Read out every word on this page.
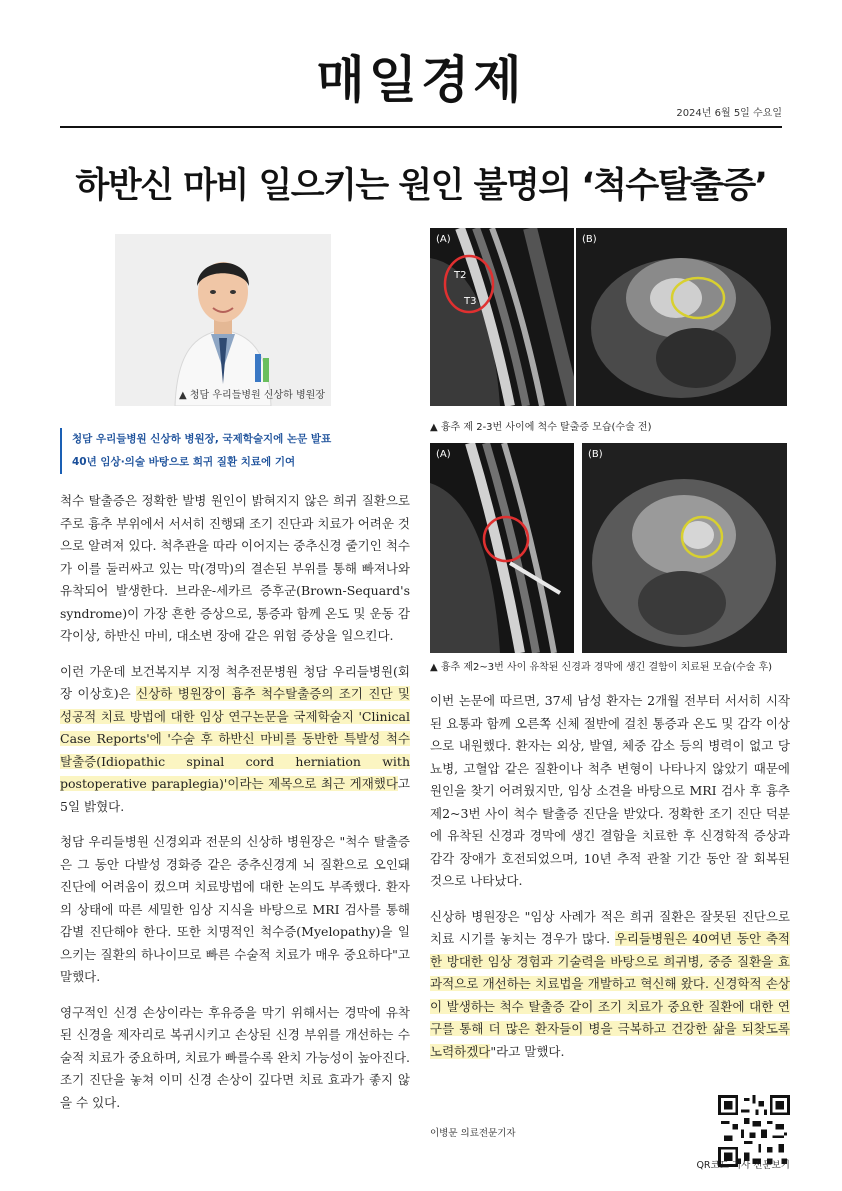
매일경제
2024년 6월 5일 수요일
하반신 마비 일으키는 원인 불명의 ‘척수탈출증’
▲ 청담 우리들병원 신상하 병원장
청담 우리들병원 신상하 병원장, 국제학술지에 논문 발표
40년 임상·의술 바탕으로 희귀 질환 치료에 기여

척수 탈출증은 정확한 발병 원인이 밝혀지지 않은 희귀 질환으로 주로 흉추 부위에서 서서히 진행돼 조기 진단과 치료가 어려운 것으로 알려져 있다. 척추관을 따라 이어지는 중추신경 줄기인 척수가 이를 둘러싸고 있는 막(경막)의 결손된 부위를 통해 빠져나와 유착되어 발생한다. 브라운-세카르 증후군(Brown-Sequard's syndrome)이 가장 흔한 증상으로, 통증과 함께 온도 및 운동 감각이상, 하반신 마비, 대소변 장애 같은 위험 증상을 일으킨다.

이런 가운데 보건복지부 지정 척추전문병원 청담 우리들병원(회장 이상호)은 신상하 병원장이 흉추 척수탈출증의 조기 진단 및 성공적 치료 방법에 대한 임상 연구논문을 국제학술지 'Clinical Case Reports'에 '수술 후 하반신 마비를 동반한 특발성 척수 탈출증(Idiopathic spinal cord herniation with postoperative paraplegia)'이라는 제목으로 최근 게재했다고 5일 밝혔다.

청담 우리들병원 신경외과 전문의 신상하 병원장은 "척수 탈출증은 그 동안 다발성 경화증 같은 중추신경계 뇌 질환으로 오인돼 진단에 어려움이 컸으며 치료방법에 대한 논의도 부족했다. 환자의 상태에 따른 세밀한 임상 지식을 바탕으로 MRI 검사를 통해 감별 진단해야 한다. 또한 치명적인 척수증(Myelopathy)을 일으키는 질환의 하나이므로 빠른 수술적 치료가 매우 중요하다"고 말했다.

영구적인 신경 손상이라는 후유증을 막기 위해서는 경막에 유착된 신경을 제자리로 복귀시키고 손상된 신경 부위를 개선하는 수술적 치료가 중요하며, 치료가 빠를수록 완치 가능성이 높아진다. 조기 진단을 놓쳐 이미 신경 손상이 깊다면 치료 효과가 좋지 않을 수 있다.

(A)
T2
T3
(B)
▲ 흉추 제 2-3번 사이에 척수 탈출증 모습(수술 전)
(A)	(B)
▲ 흉추 제2~3번 사이 유착된 신경과 경막에 생긴 결함이 치료된 모습(수술 후)

이번 논문에 따르면, 37세 남성 환자는 2개월 전부터 서서히 시작된 요통과 함께 오른쪽 신체 절반에 걸친 통증과 온도 및 감각 이상으로 내원했다. 환자는 외상, 발열, 체중 감소 등의 병력이 없고 당뇨병, 고혈압 같은 질환이나 척추 변형이 나타나지 않았기 때문에 원인을 찾기 어려웠지만, 임상 소견을 바탕으로 MRI 검사 후 흉추 제2~3번 사이 척수 탈출증 진단을 받았다. 정확한 조기 진단 덕분에 유착된 신경과 경막에 생긴 결함을 치료한 후 신경학적 증상과 감각 장애가 호전되었으며, 10년 추적 관찰 기간 동안 잘 회복된 것으로 나타났다.

신상하 병원장은 "임상 사례가 적은 희귀 질환은 잘못된 진단으로 치료 시기를 놓치는 경우가 많다. 우리들병원은 40여년 동안 축적한 방대한 임상 경험과 기술력을 바탕으로 희귀병, 중증 질환을 효과적으로 개선하는 치료법을 개발하고 혁신해 왔다. 신경학적 손상이 발생하는 척수 탈출증 같이 조기 치료가 중요한 질환에 대한 연구를 통해 더 많은 환자들이 병을 극복하고 건강한 삶을 되찾도록 노력하겠다"라고 말했다.

이병문 의료전문기자
QR코드 기사 전문보기
